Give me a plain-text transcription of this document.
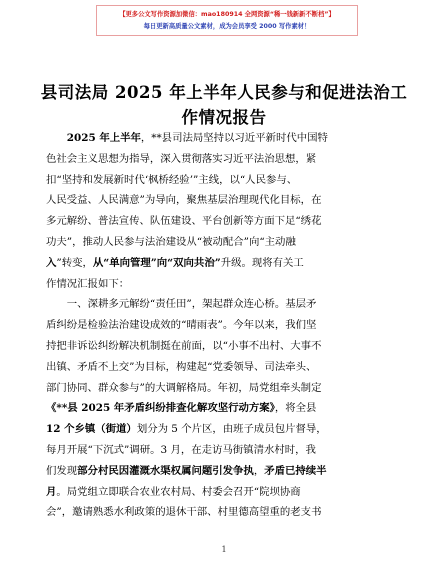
【更多公文写作资源加微信：mao180914 全网资源“稀一钱新新不断档”】
每日更新高质量公文素材，成为会员享受 2000 写作素材！
县司法局 2025 年上半年人民参与和促进法治工
作情况报告
2025 年上半年，**县司法局坚持以习近平新时代中国特
色社会主义思想为指导，深入贯彻落实习近平法治思想，紧
扣“坚持和发展新时代‘枫桥经验’”主线，以“人民参与、
人民受益、人民满意”为导向，聚焦基层治理现代化目标，在
多元解纷、普法宣传、队伍建设、平台创新等方面下足“绣花
功夫”，推动人民参与法治建设从“被动配合”向“主动融
入”转变，从“单向管理”向“双向共治”升级。现将有关工
作情况汇报如下：
一、深耕多元解纷“责任田”，架起群众连心桥。基层矛
盾纠纷是检验法治建设成效的“晴雨表”。今年以来，我们坚
持把非诉讼纠纷解决机制挺在前面，以“小事不出村、大事不
出镇、矛盾不上交”为目标，构建起“党委领导、司法牵头、
部门协同、群众参与”的大调解格局。年初，局党组牵头制定
《**县 2025 年矛盾纠纷排查化解攻坚行动方案》，将全县
12 个乡镇（街道）划分为 5 个片区，由班子成员包片督导，
每月开展“下沉式”调研。3 月，在走访马街镇清水村时，我
们发现部分村民因灌溉水渠权属问题引发争执，矛盾已持续半
月。局党组立即联合农业农村局、村委会召开“院坝协商
会”，邀请熟悉水利政策的退休干部、村里德高望重的老支书
1
